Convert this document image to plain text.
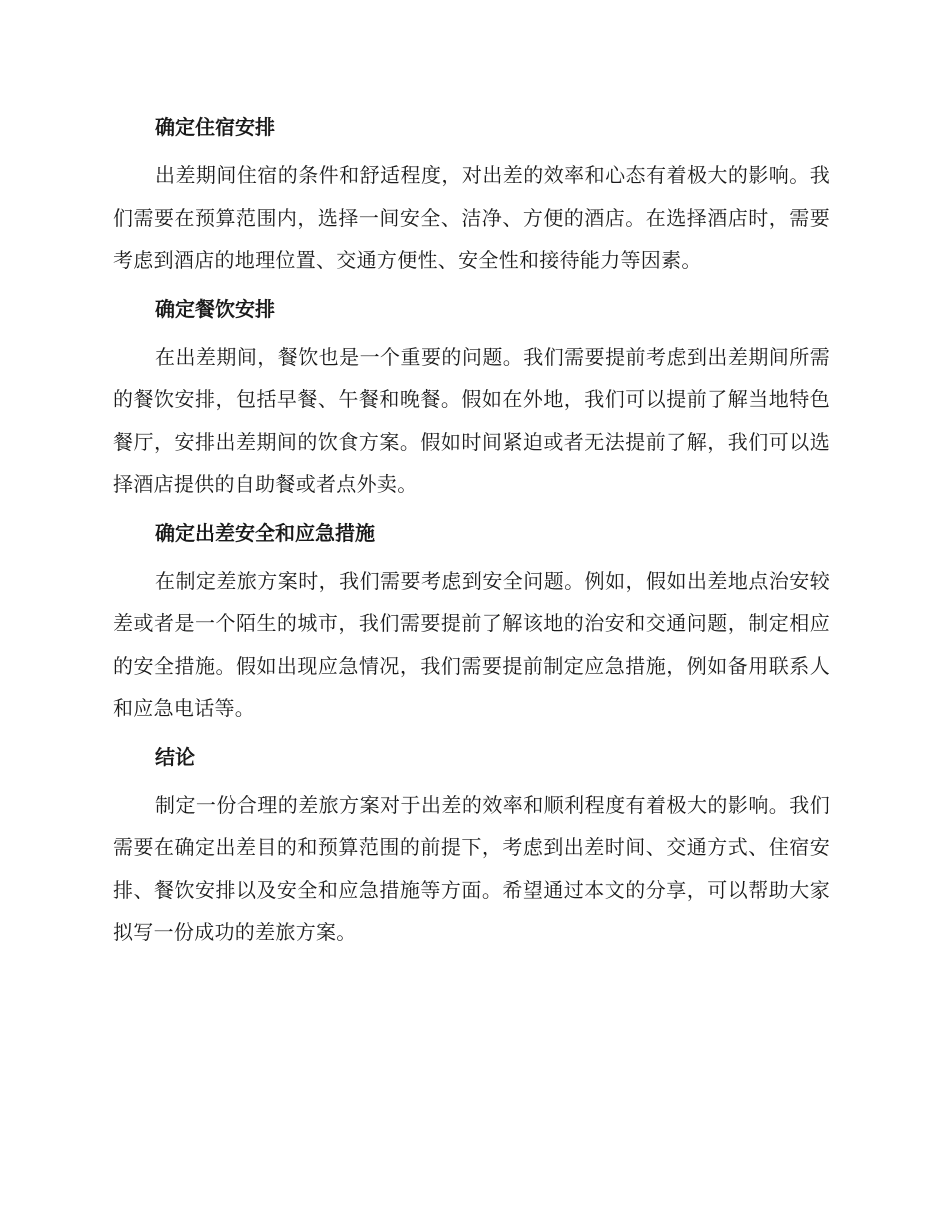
确定住宿安排

出差期间住宿的条件和舒适程度，对出差的效率和心态有着极大的影响。我们需要在预算范围内，选择一间安全、洁净、方便的酒店。在选择酒店时，需要考虑到酒店的地理位置、交通方便性、安全性和接待能力等因素。

确定餐饮安排

在出差期间，餐饮也是一个重要的问题。我们需要提前考虑到出差期间所需的餐饮安排，包括早餐、午餐和晚餐。假如在外地，我们可以提前了解当地特色餐厅，安排出差期间的饮食方案。假如时间紧迫或者无法提前了解，我们可以选择酒店提供的自助餐或者点外卖。

确定出差安全和应急措施

在制定差旅方案时，我们需要考虑到安全问题。例如，假如出差地点治安较差或者是一个陌生的城市，我们需要提前了解该地的治安和交通问题，制定相应的安全措施。假如出现应急情况，我们需要提前制定应急措施，例如备用联系人和应急电话等。

结论

制定一份合理的差旅方案对于出差的效率和顺利程度有着极大的影响。我们需要在确定出差目的和预算范围的前提下，考虑到出差时间、交通方式、住宿安排、餐饮安排以及安全和应急措施等方面。希望通过本文的分享，可以帮助大家拟写一份成功的差旅方案。
